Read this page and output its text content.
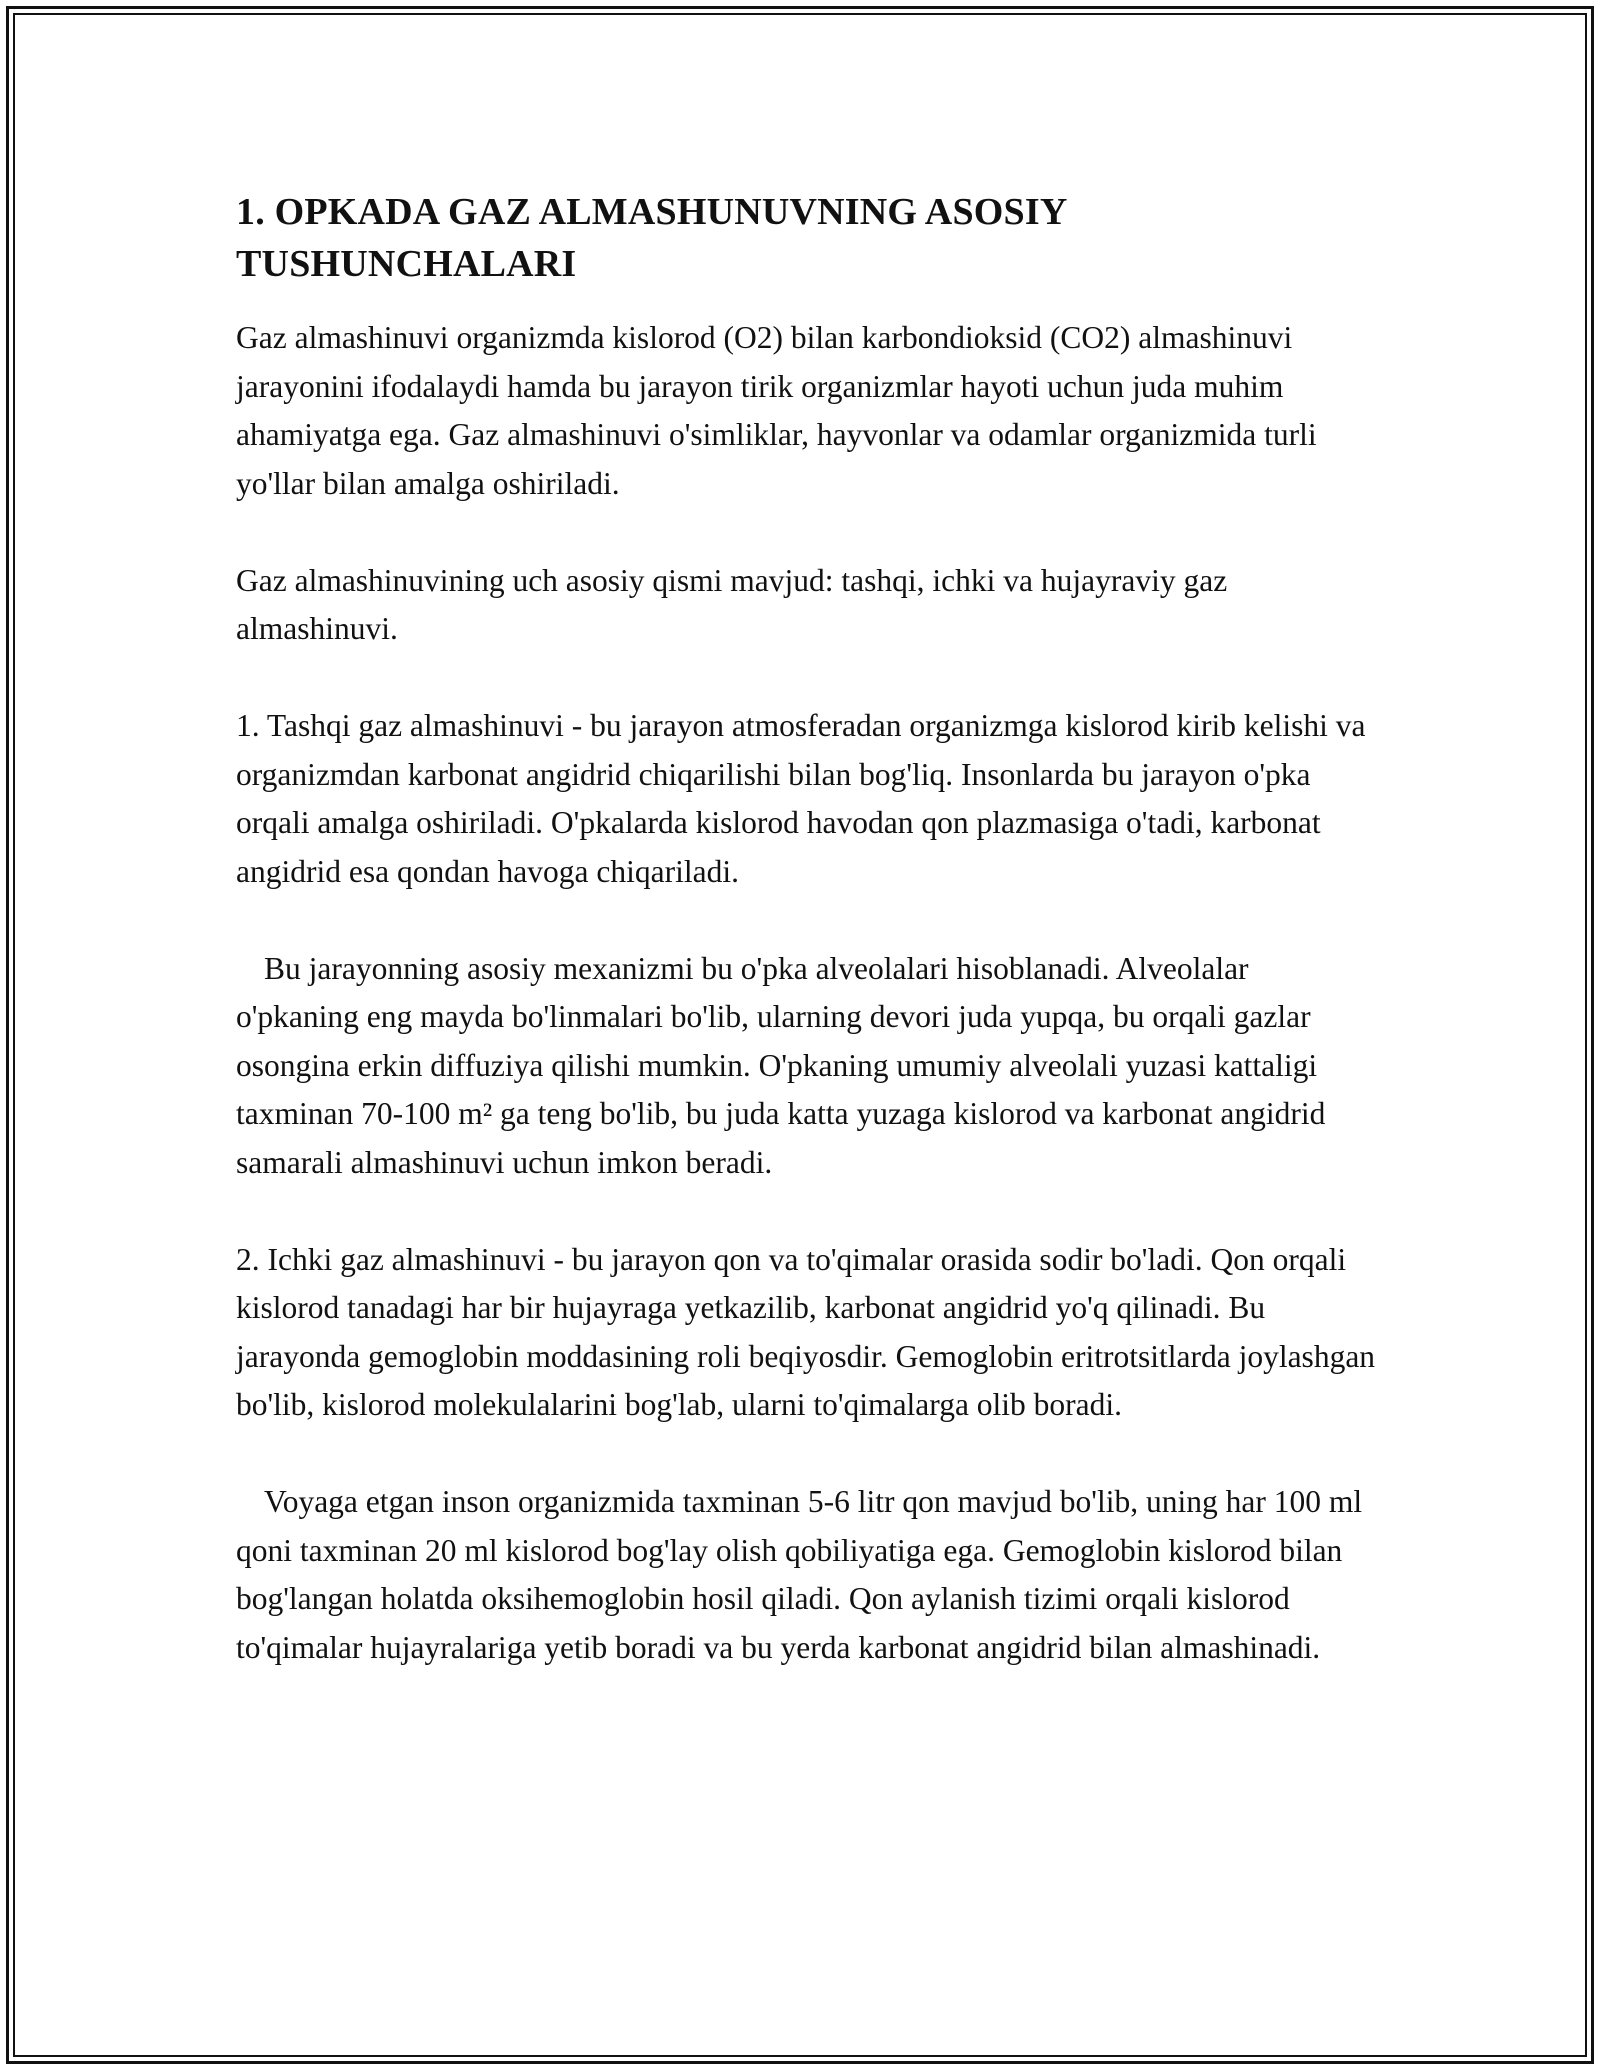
1. OPKADA GAZ ALMASHUNUVNING ASOSIY TUSHUNCHALARI

Gaz almashinuvi organizmda kislorod (O2) bilan karbondioksid (CO2) almashinuvi jarayonini ifodalaydi hamda bu jarayon tirik organizmlar hayoti uchun juda muhim ahamiyatga ega. Gaz almashinuvi o'simliklar, hayvonlar va odamlar organizmida turli yo'llar bilan amalga oshiriladi.

Gaz almashinuvining uch asosiy qismi mavjud: tashqi, ichki va hujayraviy gaz almashinuvi.

1. Tashqi gaz almashinuvi - bu jarayon atmosferadan organizmga kislorod kirib kelishi va organizmdan karbonat angidrid chiqarilishi bilan bog'liq. Insonlarda bu jarayon o'pka orqali amalga oshiriladi. O'pkalarda kislorod havodan qon plazmasiga o'tadi, karbonat angidrid esa qondan havoga chiqariladi.

Bu jarayonning asosiy mexanizmi bu o'pka alveolalari hisoblanadi. Alveolalar o'pkaning eng mayda bo'linmalari bo'lib, ularning devori juda yupqa, bu orqali gazlar osongina erkin diffuziya qilishi mumkin. O'pkaning umumiy alveolali yuzasi kattaligi taxminan 70-100 m² ga teng bo'lib, bu juda katta yuzaga kislorod va karbonat angidrid samarali almashinuvi uchun imkon beradi.

2. Ichki gaz almashinuvi - bu jarayon qon va to'qimalar orasida sodir bo'ladi. Qon orqali kislorod tanadagi har bir hujayraga yetkazilib, karbonat angidrid yo'q qilinadi. Bu jarayonda gemoglobin moddasining roli beqiyosdir. Gemoglobin eritrotsitlarda joylashgan bo'lib, kislorod molekulalarini bog'lab, ularni to'qimalarga olib boradi.

Voyaga etgan inson organizmida taxminan 5-6 litr qon mavjud bo'lib, uning har 100 ml qoni taxminan 20 ml kislorod bog'lay olish qobiliyatiga ega. Gemoglobin kislorod bilan bog'langan holatda oksihemoglobin hosil qiladi. Qon aylanish tizimi orqali kislorod to'qimalar hujayralariga yetib boradi va bu yerda karbonat angidrid bilan almashinadi.
